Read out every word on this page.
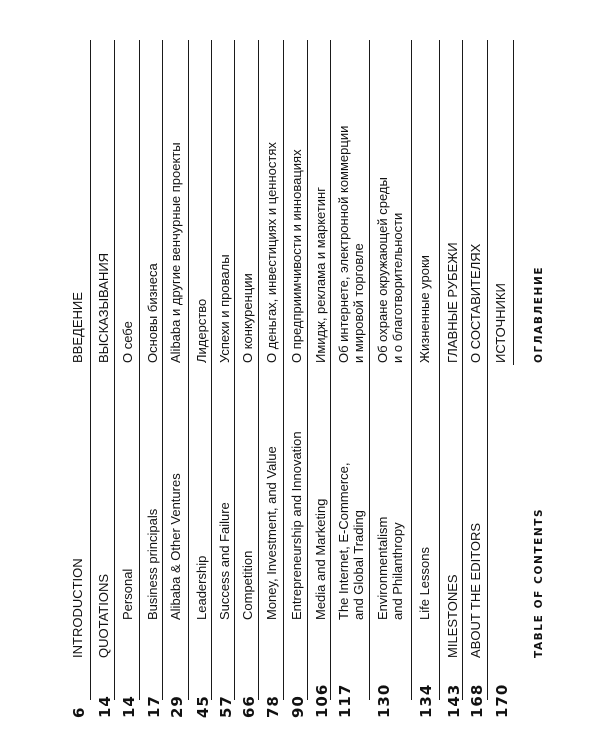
6
INTRODUCTION
ВВЕДЕНИЕ
14
QUOTATIONS
ВЫСКАЗЫВАНИЯ
14
Personal
О себе
17
Business principals
Основы бизнеса
29
Alibaba & Other Ventures
Alibaba и другие венчурные проекты
45
Leadership
Лидерство
57
Success and Failure
Успехи и провалы
66
Competition
О конкуренции
78
Money, Investment, and Value
О деньгах, инвестициях и ценностях
90
Entrepreneurship and Innovation
О предприимчивости и инновациях
106
Media and Marketing
Имидж, реклама и маркетинг
117
The Internet, E-Commerce,
and Global Trading
Об интернете, электронной коммерции
и мировой торговле
130
Environmentalism
and Philanthropy
Об охране окружающей среды
и о благотворительности
134
Life Lessons
Жизненные уроки
143
MILESTONES
ГЛАВНЫЕ РУБЕЖИ
168
ABOUT THE EDITORS
О СОСТАВИТЕЛЯХ
170
ИСТОЧНИКИ
TABLE OF CONTENTS
ОГЛАВЛЕНИЕ
